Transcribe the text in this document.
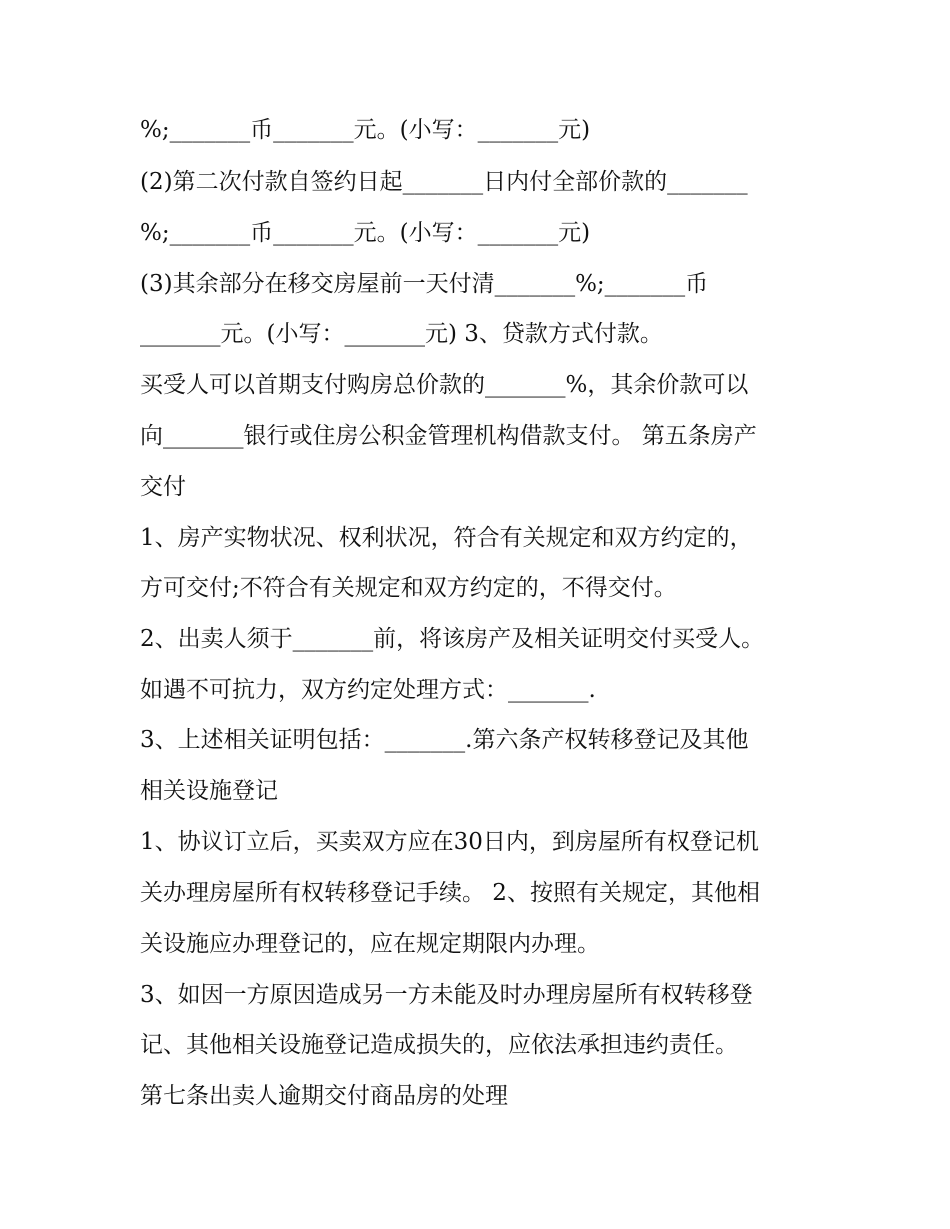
%;_______币_______元。(小写：_______元)

(2)第二次付款自签约日起_______日内付全部价款的_______

%;_______币_______元。(小写：_______元)

(3)其余部分在移交房屋前一天付清_______%;_______币

_______元。(小写：_______元) 3、贷款方式付款。

买受人可以首期支付购房总价款的_______%，其余价款可以

向_______银行或住房公积金管理机构借款支付。 第五条房产

交付

1、房产实物状况、权利状况，符合有关规定和双方约定的，

方可交付;不符合有关规定和双方约定的，不得交付。

2、出卖人须于_______前，将该房产及相关证明交付买受人。

如遇不可抗力，双方约定处理方式：_______.

3、上述相关证明包括：_______.第六条产权转移登记及其他

相关设施登记

1、协议订立后，买卖双方应在30日内，到房屋所有权登记机

关办理房屋所有权转移登记手续。 2、按照有关规定，其他相

关设施应办理登记的，应在规定期限内办理。

3、如因一方原因造成另一方未能及时办理房屋所有权转移登

记、其他相关设施登记造成损失的，应依法承担违约责任。

第七条出卖人逾期交付商品房的处理
